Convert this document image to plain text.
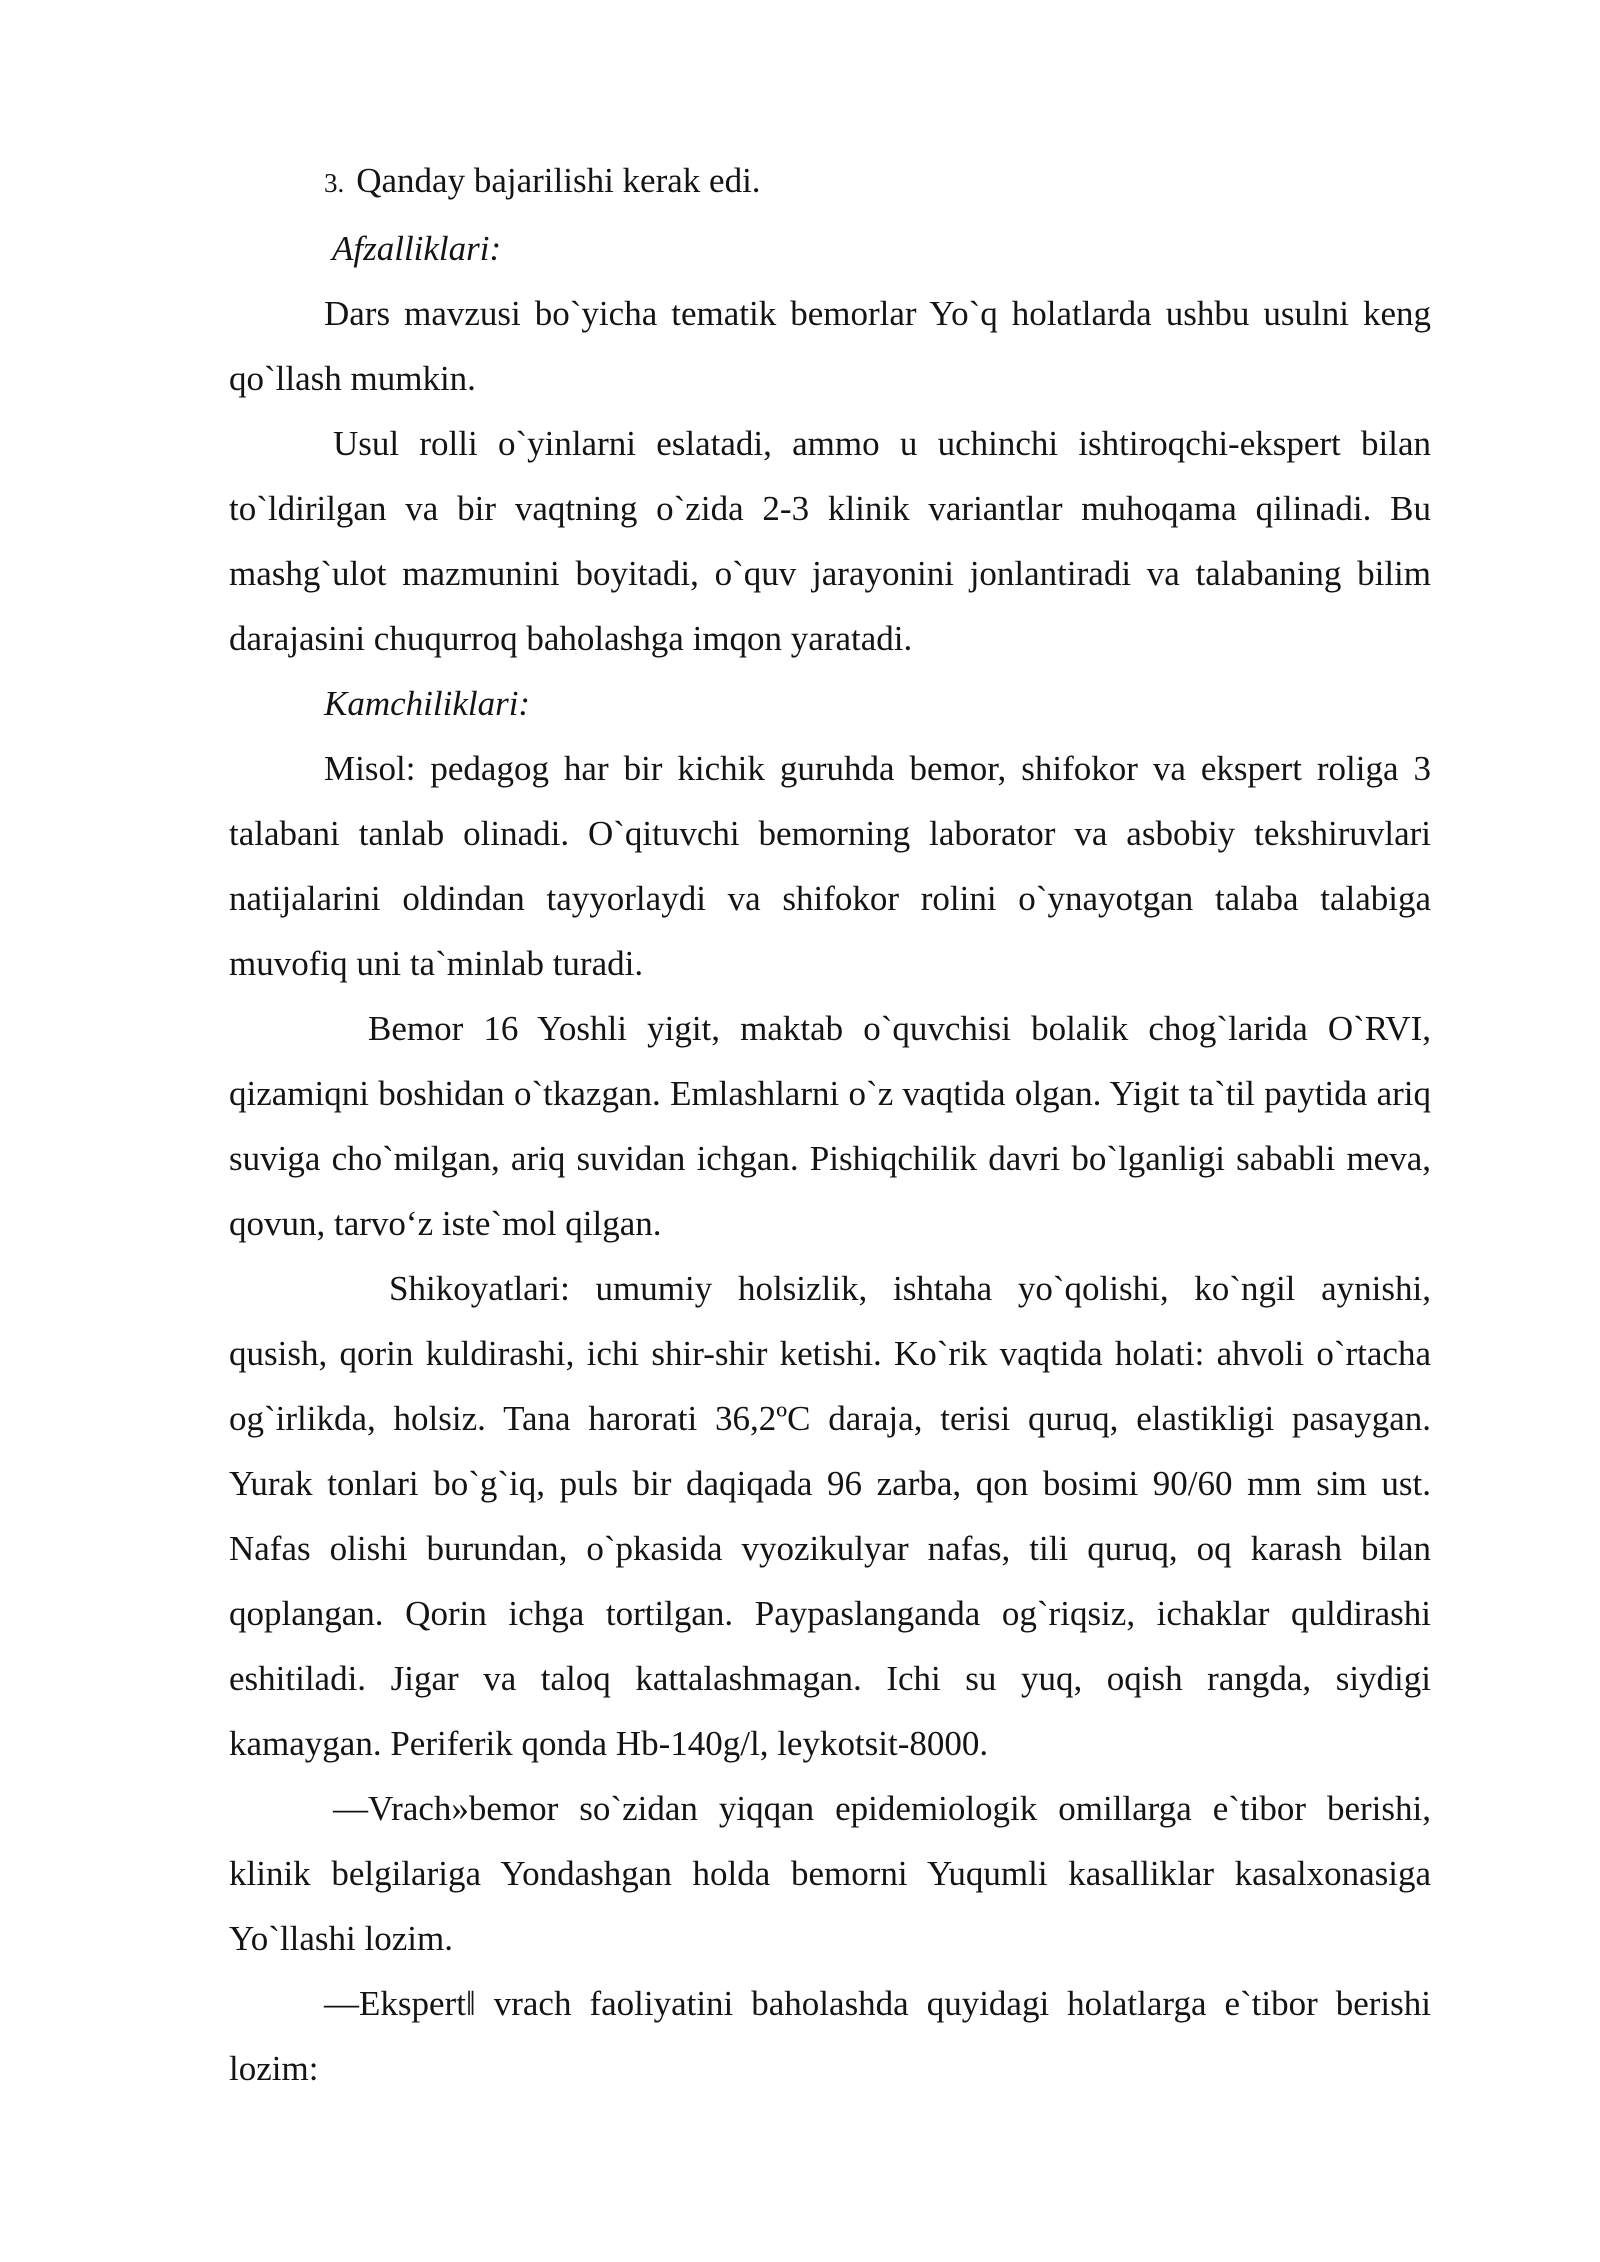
3. Qanday bajarilishi kerak edi.

Afzalliklari:

Dars mavzusi bo`yicha tematik bemorlar Yo`q holatlarda ushbu usulni keng qo`llash mumkin.

Usul rolli o`yinlarni eslatadi, ammo u uchinchi ishtiroqchi-ekspert bilan to`ldirilgan va bir vaqtning o`zida 2-3 klinik variantlar muhoqama qilinadi. Bu mashg`ulot mazmunini boyitadi, o`quv jarayonini jonlantiradi va talabaning bilim darajasini chuqurroq baholashga imqon yaratadi.

Kamchiliklari:

Misol: pedagog har bir kichik guruhda bemor, shifokor va ekspert roliga 3 talabani tanlab olinadi. O`qituvchi bemorning laborator va asbobiy tekshiruvlari natijalarini oldindan tayyorlaydi va shifokor rolini o`ynayotgan talaba talabiga muvofiq uni ta`minlab turadi.

Bemor 16 Yoshli yigit, maktab o`quvchisi bolalik chog`larida O`RVI, qizamiqni boshidan o`tkazgan. Emlashlarni o`z vaqtida olgan. Yigit ta`til paytida ariq suviga cho`milgan, ariq suvidan ichgan. Pishiqchilik davri bo`lganligi sababli meva, qovun, tarvo‘z iste`mol qilgan.

Shikoyatlari: umumiy holsizlik, ishtaha yo`qolishi, ko`ngil aynishi, qusish, qorin kuldirashi, ichi shir-shir ketishi. Ko`rik vaqtida holati: ahvoli o`rtacha og`irlikda, holsiz. Tana harorati 36,2ºC daraja, terisi quruq, elastikligi pasaygan. Yurak tonlari bo`g`iq, puls bir daqiqada 96 zarba, qon bosimi 90/60 mm sim ust. Nafas olishi burundan, o`pkasida vyozikulyar nafas, tili quruq, oq karash bilan qoplangan. Qorin ichga tortilgan. Paypaslanganda og`riqsiz, ichaklar quldirashi eshitiladi. Jigar va taloq kattalashmagan. Ichi su yuq, oqish rangda, siydigi kamaygan. Periferik qonda Hb-140g/l, leykotsit-8000.

—Vrach»bemor so`zidan yiqqan epidemiologik omillarga e`tibor berishi, klinik belgilariga Yondashgan holda bemorni Yuqumli kasalliklar kasalxonasiga Yo`llashi lozim.

—Ekspert‖ vrach faoliyatini baholashda quyidagi holatlarga e`tibor berishi lozim:
